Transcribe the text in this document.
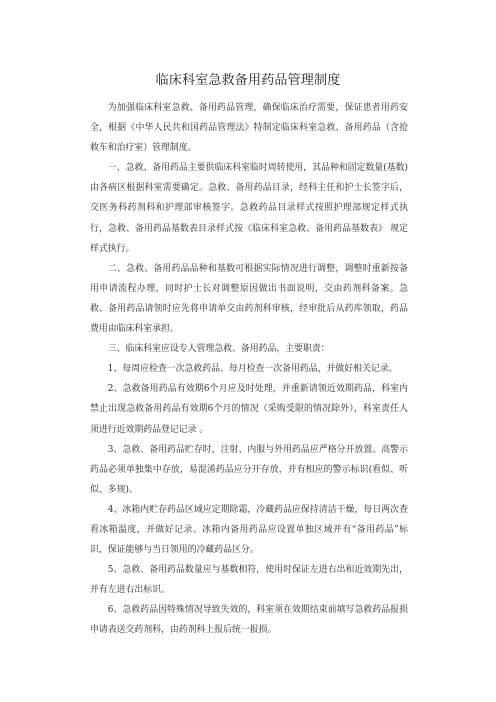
临床科室急救备用药品管理制度

为加强临床科室急救、备用药品管理，确保临床治疗需要，保证患者用药安全，根据《中华人民共和国药品管理法》特制定临床科室急救、备用药品（含抢救车和治疗室）管理制度。

一、急救、备用药品主要供临床科室临时周转使用，其品种和固定数量(基数)由各病区根据科室需要确定。急救、备用药品目录，经科主任和护士长签字后，交医务科药剂科和护理部审核签字。急救药品目录样式按照护理部规定样式执行，急救、备用药品基数表目录样式按《临床科室急救、备用药品基数表》 规定样式执行。

二、急救、备用药品品种和基数可根据实际情况进行调整，调整时重新按备用申请流程办理，同时护士长对调整原因做出书面说明，交由药剂科备案。急救、备用药品请领时应先将申请单交由药剂科审核，经审批后从药库领取，药品费用由临床科室承担。

三、临床科室应设专人管理急救、备用药品，主要职责：

1、每周应检查一次急救药品、每月检查一次备用药品，并做好相关记录。

2、急救备用药品有效期6个月应及时处理，并重新请领近效期药品，科室内禁止出现急救备用药品有效期6个月的情况（采购受限的情况除外），科室责任人须进行近效期药品登记记录 。

3、急救、备用药品贮存时，注射、内服与外用药品应严格分开放置。高警示药品必须单独集中存放，易混淆药品应分开存放，并有相应的警示标识(看似、听似、多规)。

4、冰箱内贮存药品区域应定期除霜，冷藏药品应保持清洁干燥，每日两次查看冰箱温度，并做好记录。冰箱内备用药品应设置单独区域并有“备用药品”标识，保证能够与当日领用的冷藏药品区分。

5、急救、备用药品数量应与基数相符，使用时保证左进右出和近效期先出，并有左进右出标识。

6、急救药品因特殊情况导致失效的，科室须在效期结束前填写急救药品报损申请表送交药剂科，由药剂科上报后统一报损。
